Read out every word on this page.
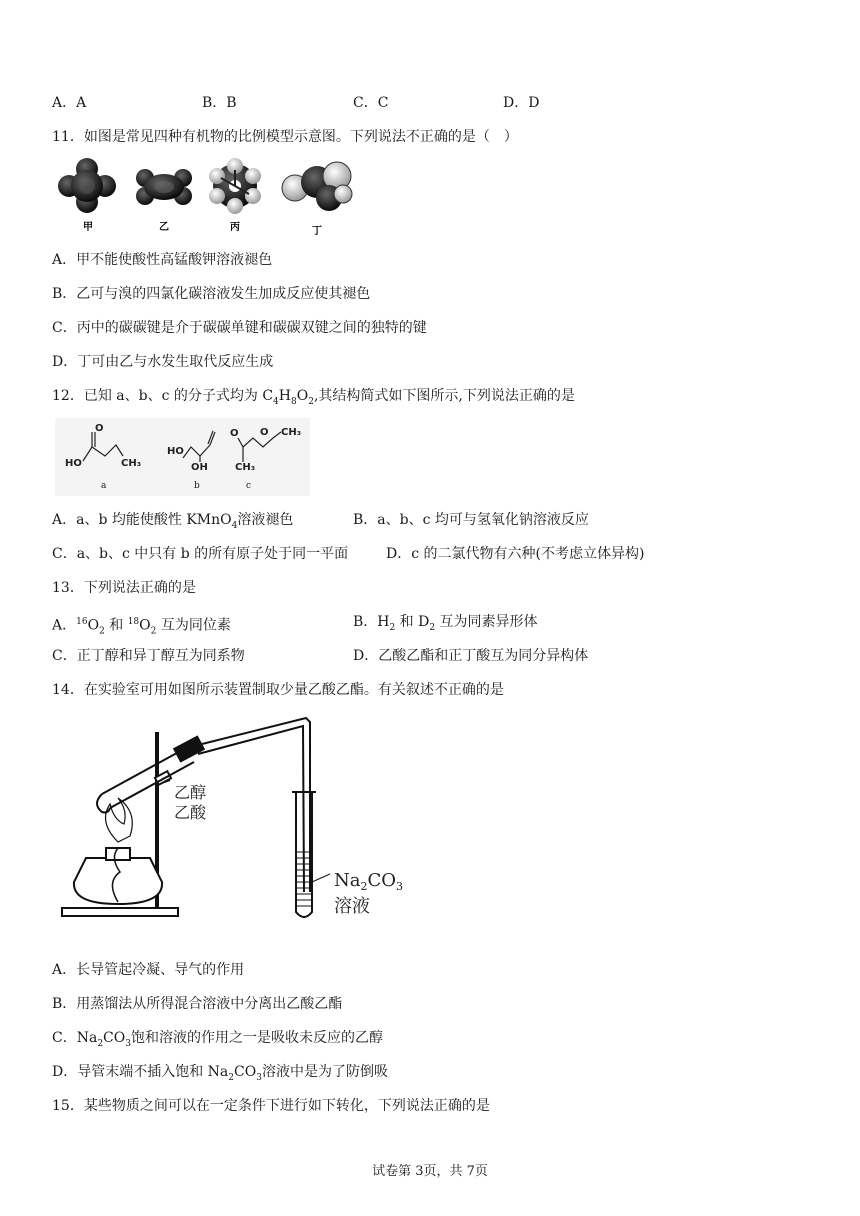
A．A	B．B	C．C	D．D
11．如图是常见四种有机物的比例模型示意图。下列说法不正确的是（　）
甲	乙	丙	丁
A．甲不能使酸性高锰酸钾溶液褪色
B．乙可与溴的四氯化碳溶液发生加成反应使其褪色
C．丙中的碳碳键是介于碳碳单键和碳碳双键之间的独特的键
D．丁可由乙与水发生取代反应生成
12．已知 a、b、c 的分子式均为 $C_4H_8O_2$,其结构简式如下图所示,下列说法正确的是
O
HO	CH₃
HO
OH
O O CH₃
CH₃
a	b	c
A．a、b 均能使酸性 KMnO$_4$溶液褪色	B．a、b、c 均可与氢氧化钠溶液反应
C．a、b、c 中只有 b 的所有原子处于同一平面	D．c 的二氯代物有六种(不考虑立体异构)
13．下列说法正确的是
A．$^{16}O_2$ 和 $^{18}O_2$ 互为同位素	B．$H_2$ 和 $D_2$ 互为同素异形体
C．正丁醇和异丁醇互为同系物	D．乙酸乙酯和正丁酸互为同分异构体
14．在实验室可用如图所示装置制取少量乙酸乙酯。有关叙述不正确的是
乙醇
乙酸
$Na_2CO_3$
溶液
A．长导管起冷凝、导气的作用
B．用蒸馏法从所得混合溶液中分离出乙酸乙酯
C．$Na_2CO_3$饱和溶液的作用之一是吸收未反应的乙醇
D．导管末端不插入饱和 $Na_2CO_3$溶液中是为了防倒吸
15．某些物质之间可以在一定条件下进行如下转化，下列说法正确的是
试卷第 3页，共 7页
